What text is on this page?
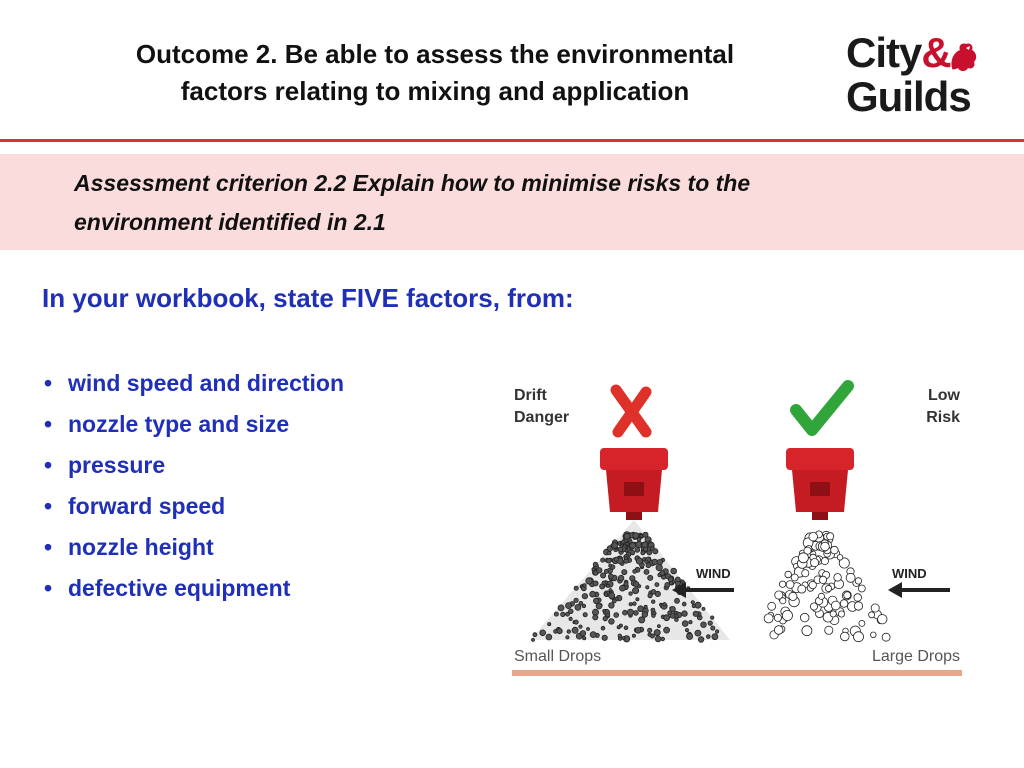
Outcome 2. Be able to assess the environmental
factors relating to mixing and application
City&
Guilds
Assessment criterion 2.2 Explain how to minimise risks to the
environment identified in 2.1
In your workbook, state FIVE factors, from:
• wind speed and direction
• nozzle type and size
• pressure
• forward speed
• nozzle height
• defective equipment
Drift
Danger
Low
Risk
WIND	WIND
Small Drops	Large Drops
